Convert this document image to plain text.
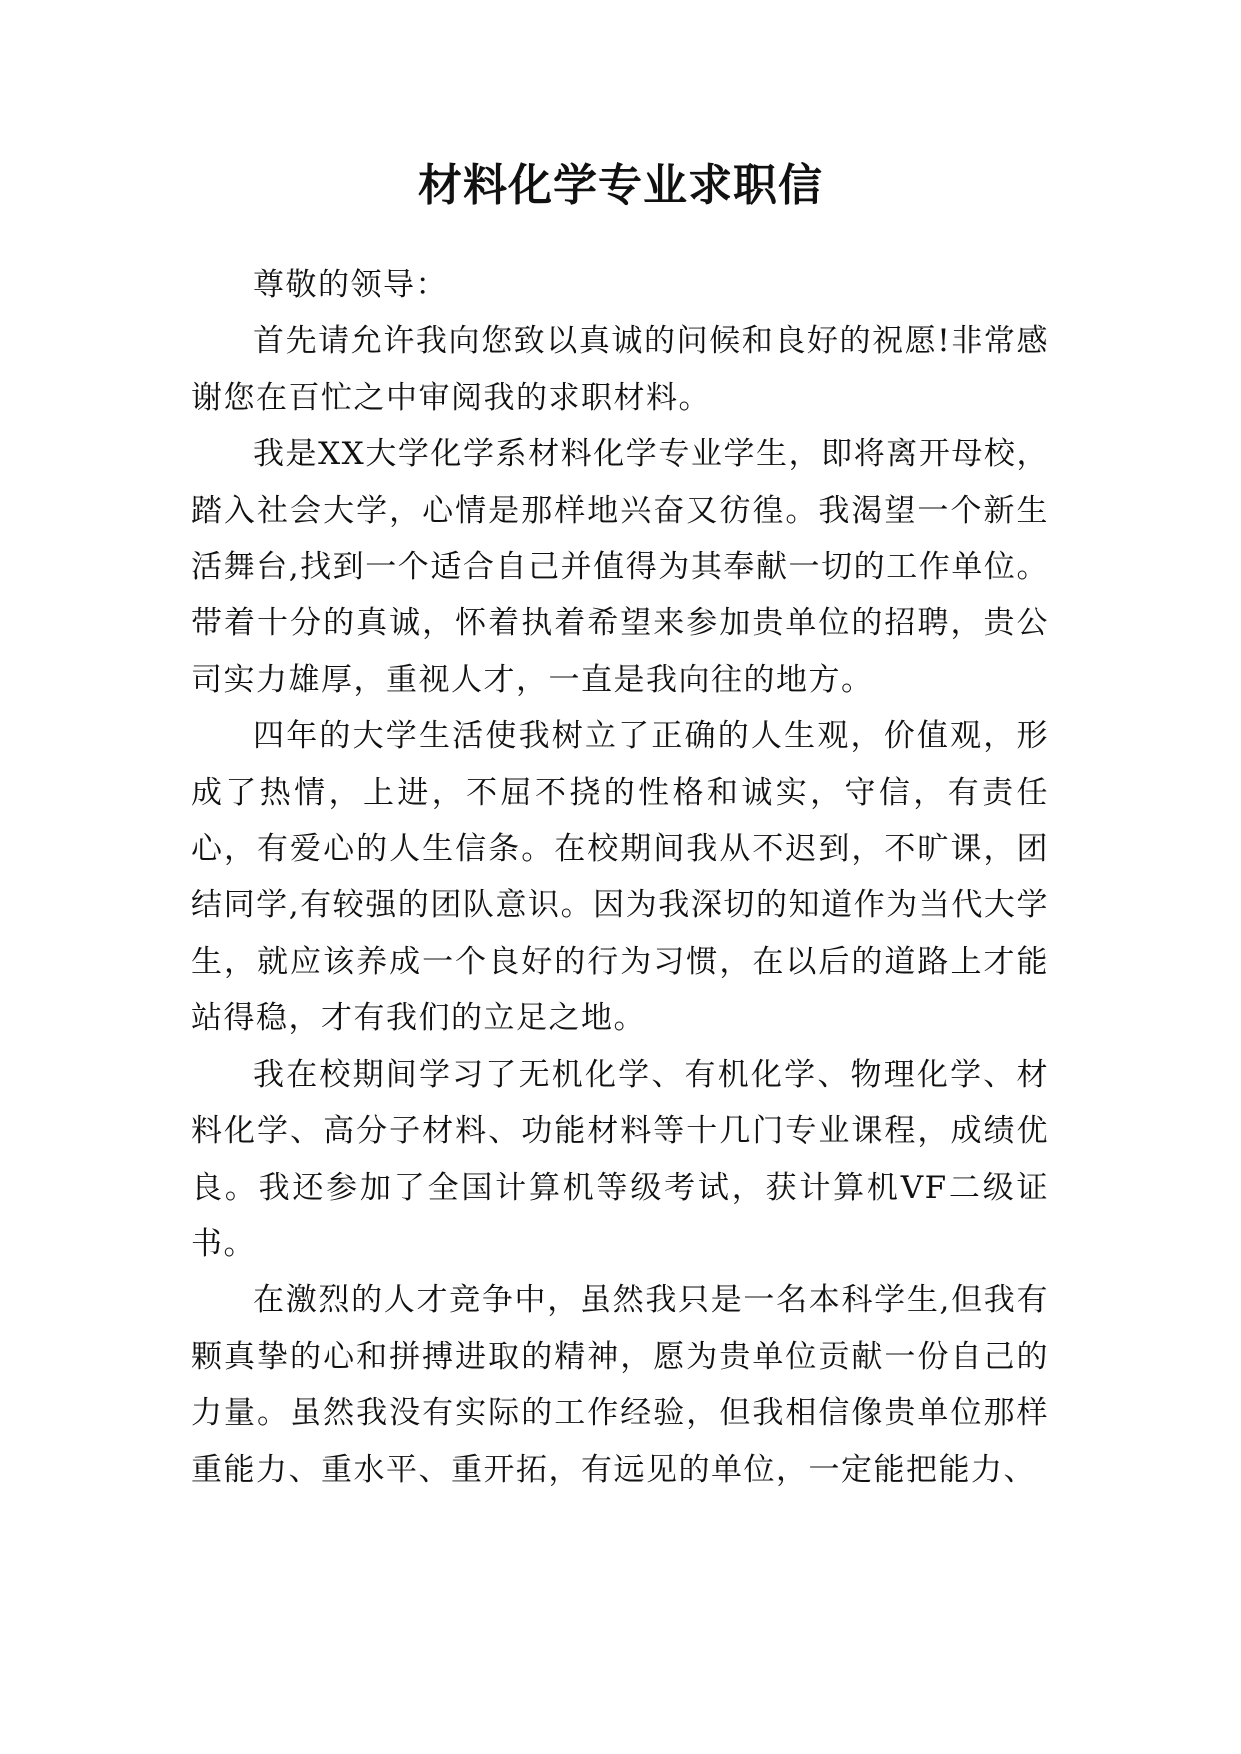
材料化学专业求职信

尊敬的领导：

首先请允许我向您致以真诚的问候和良好的祝愿!非常感谢您在百忙之中审阅我的求职材料。

我是XX大学化学系材料化学专业学生，即将离开母校，踏入社会大学，心情是那样地兴奋又彷徨。我渴望一个新生活舞台,找到一个适合自己并值得为其奉献一切的工作单位。带着十分的真诚，怀着执着希望来参加贵单位的招聘，贵公司实力雄厚，重视人才，一直是我向往的地方。

四年的大学生活使我树立了正确的人生观，价值观，形成了热情，上进，不屈不挠的性格和诚实，守信，有责任心，有爱心的人生信条。在校期间我从不迟到，不旷课，团结同学,有较强的团队意识。因为我深切的知道作为当代大学生，就应该养成一个良好的行为习惯，在以后的道路上才能站得稳，才有我们的立足之地。

我在校期间学习了无机化学、有机化学、物理化学、材料化学、高分子材料、功能材料等十几门专业课程，成绩优良。我还参加了全国计算机等级考试，获计算机VF二级证书。

在激烈的人才竞争中，虽然我只是一名本科学生,但我有颗真挚的心和拼搏进取的精神，愿为贵单位贡献一份自己的力量。虽然我没有实际的工作经验，但我相信像贵单位那样重能力、重水平、重开拓，有远见的单位，一定能把能力、
